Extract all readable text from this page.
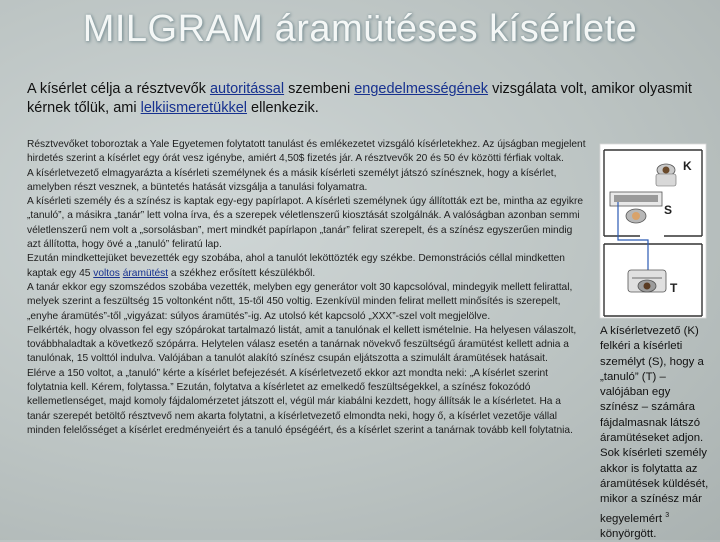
MILGRAM áramütéses kísérlete
A kísérlet célja a résztvevők autoritással szembeni engedelmességének vizsgálata volt, amikor olyasmit kérnek tőlük, ami lelkiismeretükkel ellenkezik.

Résztvevőket toboroztak a Yale Egyetemen folytatott tanulást és emlékezetet vizsgáló kísérletekhez. Az újságban megjelent hirdetés szerint a kísérlet egy órát vesz igénybe, amiért 4,50$ fizetés jár. A résztvevők 20 és 50 év közötti férfiak voltak.

A kísérletvezető elmagyarázta a kísérleti személynek és a másik kísérleti személyt játszó színésznek, hogy a kísérlet, amelyben részt vesznek, a büntetés hatását vizsgálja a tanulási folyamatra.

A kísérleti személy és a színész is kaptak egy-egy papírlapot. A kísérleti személynek úgy állították ezt be, mintha az egyikre „tanuló”, a másikra „tanár” lett volna írva, és a szerepek véletlenszerű kiosztását szolgálnák. A valóságban azonban semmi véletlenszerű nem volt a „sorsolásban”, mert mindkét papírlapon „tanár” felirat szerepelt, és a színész egyszerűen mindig azt állította, hogy övé a „tanuló” feliratú lap.

Ezután mindkettejüket bevezették egy szobába, ahol a tanulót leköttözték egy székbe. Demonstrációs céllal mindketten kaptak egy 45 voltos áramütést a székhez erősített készülékből.

A tanár ekkor egy szomszédos szobába vezették, melyben egy generátor volt 30 kapcsolóval, mindegyik mellett felirattal, melyek szerint a feszültség 15 voltonként nőtt, 15-től 450 voltig. Ezenkívül minden felirat mellett minősítés is szerepelt, „enyhe áramütés”-től „vigyázat: súlyos áramütés”-ig. Az utolsó két kapcsoló „XXX”-szel volt megjelölve.

Felkérték, hogy olvasson fel egy szópárokat tartalmazó listát, amit a tanulónak el kellett ismételnie. Ha helyesen válaszolt, továbbhaladtak a következő szópárra. Helytelen válasz esetén a tanárnak növekvő feszültségű áramütést kellett adnia a tanulónak, 15 volttól indulva. Valójában a tanulót alakító színész csupán eljátszotta a szimulált áramütések hatásait.

Elérve a 150 voltot, a „tanuló” kérte a kísérlet befejezését. A kísérletvezető ekkor azt mondta neki: „A kísérlet szerint folytatnia kell. Kérem, folytassa.” Ezután, folytatva a kísérletet az emelkedő feszültségekkel, a színész fokozódó kellemetlenséget, majd komoly fájdalomérzetet játszott el, végül már kiabálni kezdett, hogy állítsák le a kísérletet. Ha a tanár szerepét betöltő résztvevő nem akarta folytatni, a kísérletvezető elmondta neki, hogy ő, a kísérlet vezetője vállal minden felelősséget a kísérlet eredményeiért és a tanuló épségéért, és a kísérlet szerint a tanárnak tovább kell folytatnia.

K
S
T
A kísérletvezető (K) felkéri a kísérleti személyt (S), hogy a „tanuló” (T) – valójában egy színész – számára fájdalmasnak látszó áramütéseket adjon. Sok kísérleti személy akkor is folytatta az áramütések küldését, mikor a színész már kegyelemért $^3$ könyörgött.
